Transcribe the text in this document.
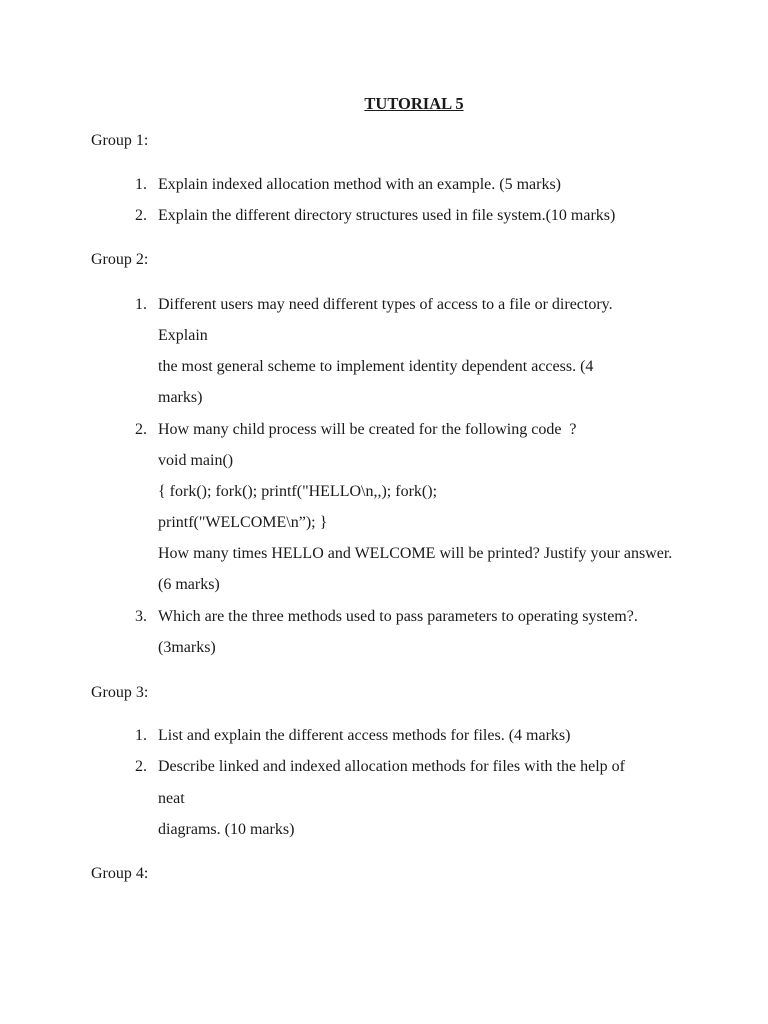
TUTORIAL 5
Group 1:
1. Explain indexed allocation method with an example. (5 marks)
2. Explain the different directory structures used in file system.(10 marks)
Group 2:
1. Different users may need different types of access to a file or directory.
Explain
the most general scheme to implement identity dependent access. (4
marks)
2. How many child process will be created for the following code  ?
void main()
{ fork(); fork(); printf("HELLO\n,,); fork();
printf("WELCOME\n”); }
How many times HELLO and WELCOME will be printed? Justify your answer.
(6 marks)
3. Which are the three methods used to pass parameters to operating system?.
(3marks)
Group 3:
1. List and explain the different access methods for files. (4 marks)
2. Describe linked and indexed allocation methods for files with the help of
neat
diagrams. (10 marks)
Group 4:
